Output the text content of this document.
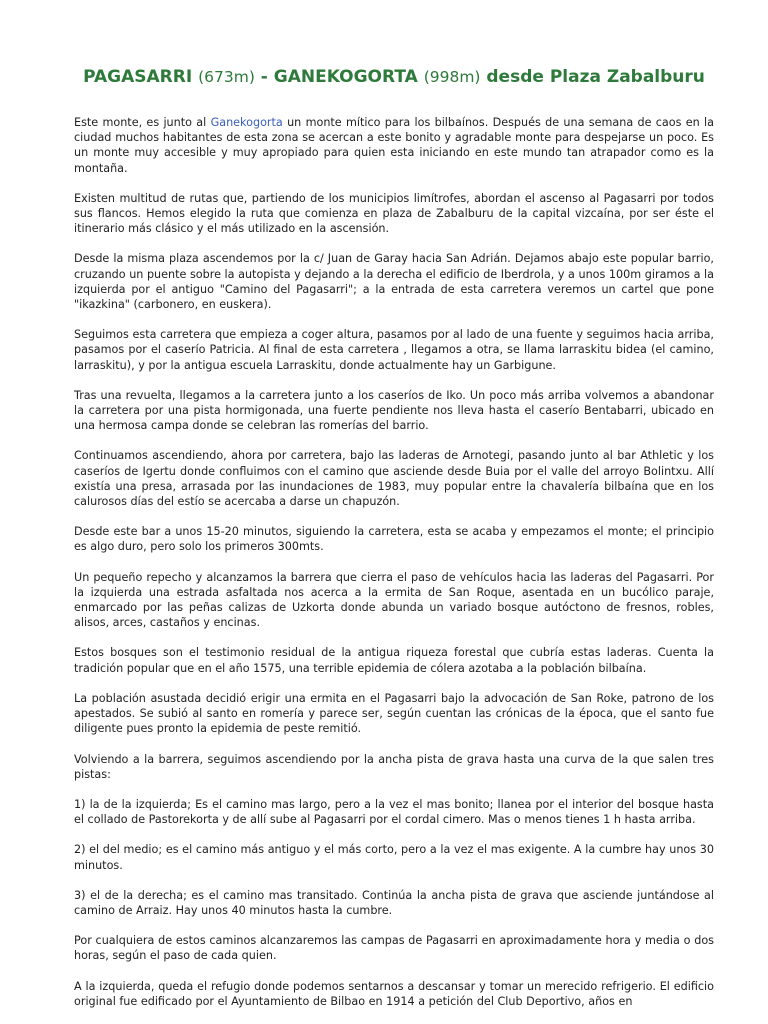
PAGASARRI (673m) - GANEKOGORTA (998m) desde Plaza Zabalburu

Este monte, es junto al Ganekogorta un monte mítico para los bilbaínos. Después de una semana de caos en la ciudad muchos habitantes de esta zona se acercan a este bonito y agradable monte para despejarse un poco. Es un monte muy accesible y muy apropiado para quien esta iniciando en este mundo tan atrapador como es la montaña.

Existen multitud de rutas que, partiendo de los municipios limítrofes, abordan el ascenso al Pagasarri por todos sus flancos. Hemos elegido la ruta que comienza en plaza de Zabalburu de la capital vizcaína, por ser éste el itinerario más clásico y el más utilizado en la ascensión.

Desde la misma plaza ascendemos por la c/ Juan de Garay hacia San Adrián. Dejamos abajo este popular barrio, cruzando un puente sobre la autopista y dejando a la derecha el edificio de Iberdrola, y a unos 100m giramos a la izquierda por el antiguo "Camino del Pagasarri"; a la entrada de esta carretera veremos un cartel que pone "ikazkina" (carbonero, en euskera).

Seguimos esta carretera que empieza a coger altura, pasamos por al lado de una fuente y seguimos hacia arriba, pasamos por el caserío Patricia. Al final de esta carretera , llegamos a otra, se llama larraskitu bidea (el camino, larraskitu), y por la antigua escuela Larraskitu, donde actualmente hay un Garbigune.

Tras una revuelta, llegamos a la carretera junto a los caseríos de Iko. Un poco más arriba volvemos a abandonar la carretera por una pista hormigonada, una fuerte pendiente nos lleva hasta el caserío Bentabarri, ubicado en una hermosa campa donde se celebran las romerías del barrio.

Continuamos ascendiendo, ahora por carretera, bajo las laderas de Arnotegi, pasando junto al bar Athletic y los caseríos de Igertu donde confluimos con el camino que asciende desde Buia por el valle del arroyo Bolintxu. Allí existía una presa, arrasada por las inundaciones de 1983, muy popular entre la chavalería bilbaína que en los calurosos días del estío se acercaba a darse un chapuzón.

Desde este bar a unos 15-20 minutos, siguiendo la carretera, esta se acaba y empezamos el monte; el principio es algo duro, pero solo los primeros 300mts.

Un pequeño repecho y alcanzamos la barrera que cierra el paso de vehículos hacia las laderas del Pagasarri. Por la izquierda una estrada asfaltada nos acerca a la ermita de San Roque, asentada en un bucólico paraje, enmarcado por las peñas calizas de Uzkorta donde abunda un variado bosque autóctono de fresnos, robles, alisos, arces, castaños y encinas.

Estos bosques son el testimonio residual de la antigua riqueza forestal que cubría estas laderas. Cuenta la tradición popular que en el año 1575, una terrible epidemia de cólera azotaba a la población bilbaína.

La población asustada decidió erigir una ermita en el Pagasarri bajo la advocación de San Roke, patrono de los apestados. Se subió al santo en romería y parece ser, según cuentan las crónicas de la época, que el santo fue diligente pues pronto la epidemia de peste remitió.

Volviendo a la barrera, seguimos ascendiendo por la ancha pista de grava hasta una curva de la que salen tres pistas:

1) la de la izquierda; Es el camino mas largo, pero a la vez el mas bonito; llanea por el interior del bosque hasta el collado de Pastorekorta y de allí sube al Pagasarri por el cordal cimero. Mas o menos tienes 1 h hasta arriba.

2) el del medio; es el camino más antiguo y el más corto, pero a la vez el mas exigente. A la cumbre hay unos 30 minutos.

3) el de la derecha; es el camino mas transitado. Continúa la ancha pista de grava que asciende juntándose al camino de Arraiz. Hay unos 40 minutos hasta la cumbre.

Por cualquiera de estos caminos alcanzaremos las campas de Pagasarri en aproximadamente hora y media o dos horas, según el paso de cada quien.

A la izquierda, queda el refugio donde podemos sentarnos a descansar y tomar un merecido refrigerio. El edificio original fue edificado por el Ayuntamiento de Bilbao en 1914 a petición del Club Deportivo, años en
